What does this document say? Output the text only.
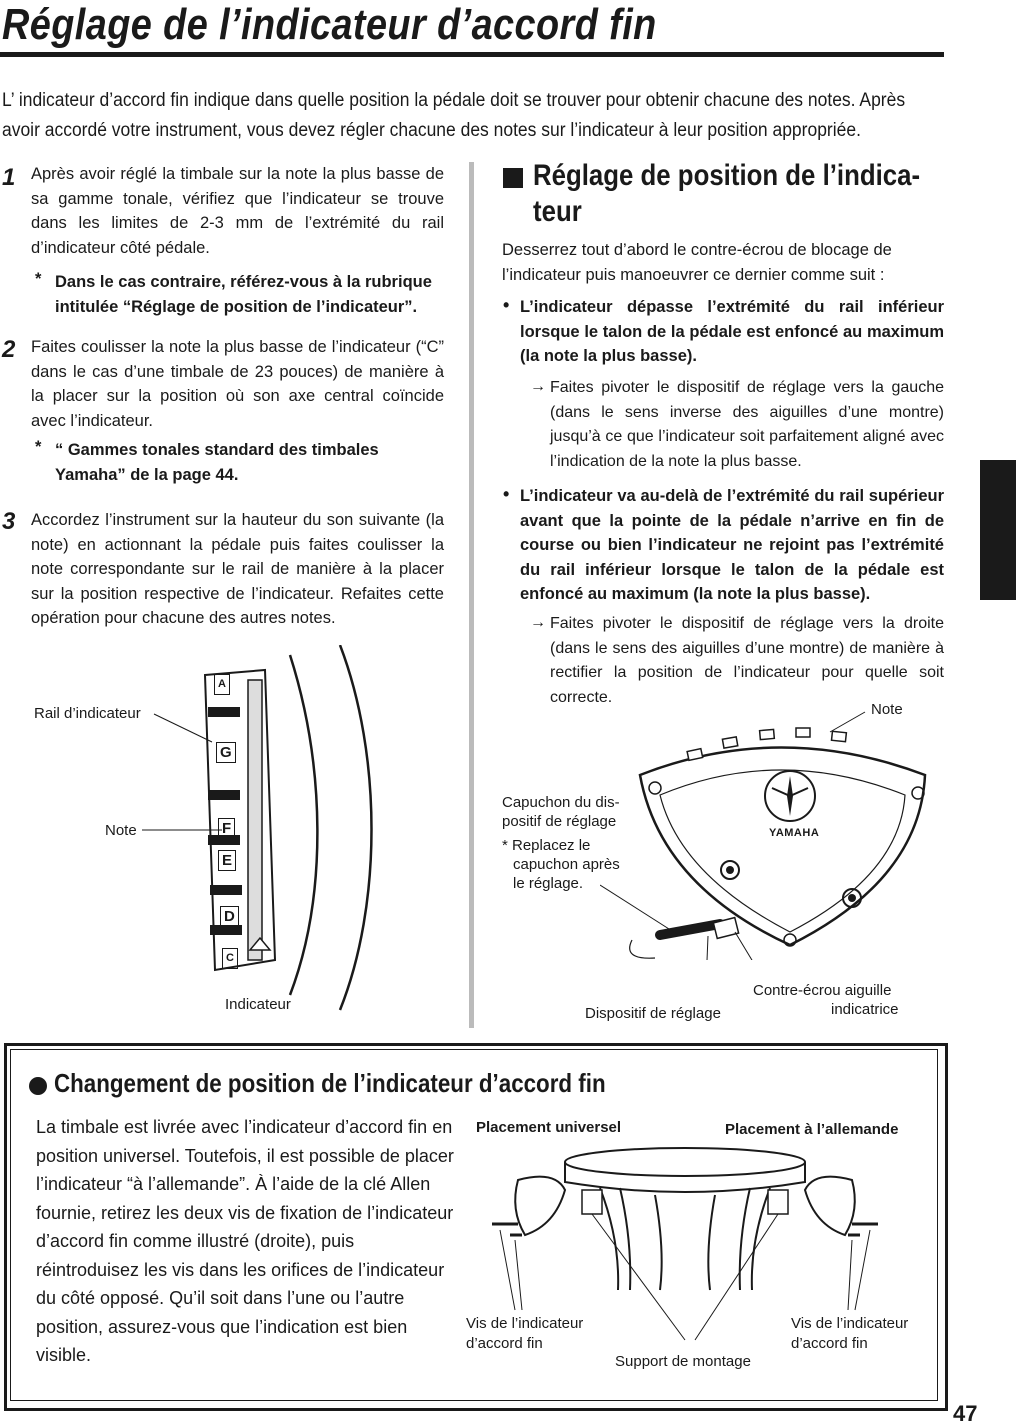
Réglage de l’indicateur d’accord fin
L’ indicateur d’accord fin indique dans quelle position la pédale doit se trouver pour obtenir chacune des notes. Après avoir accordé votre instrument, vous devez régler chacune des notes sur l’indicateur à leur position appropriée.
1 Après avoir réglé la timbale sur la note la plus basse de sa gamme tonale, vérifiez que l’indicateur se trouve dans les limites de 2-3 mm de l’extrémité du rail d’indicateur côté pédale.
* Dans le cas contraire, référez-vous à la rubrique intitulée “Réglage de position de l’indicateur”.
2 Faites coulisser la note la plus basse de l’indicateur (“C” dans le cas d’une timbale de 23 pouces) de manière à la placer sur la position où son axe central coïncide avec l’indicateur.
* “ Gammes tonales standard des timbales Yamaha” de la page 44.
3 Accordez l’instrument sur la hauteur du son suivante (la note) en actionnant la pédale puis faites coulisser la note correspondante sur le rail de manière à la placer sur la position respective de l’indicateur. Refaites cette opération pour chacune des autres notes.
A
G
F
E
D
C
Rail d’indicateur
Note
Indicateur
Réglage de position de l’indica-
teur
Desserrez tout d’abord le contre-écrou de blocage de l’indicateur puis manoeuvrer ce dernier comme suit :
• L’indicateur dépasse l’extrémité du rail inférieur lorsque le talon de la pédale est enfoncé au maximum (la note la plus basse).
→ Faites pivoter le dispositif de réglage vers la gauche (dans le sens inverse des aiguilles d’une montre) jusqu’à ce que l’indicateur soit parfaitement aligné avec l’indication de la note la plus basse.
• L’indicateur va au-delà de l’extrémité du rail supérieur avant que la pointe de la pédale n’arrive en fin de course ou bien l’indicateur ne rejoint pas l’extrémité du rail inférieur lorsque le talon de la pédale est enfoncé au maximum (la note la plus basse).
→ Faites pivoter le dispositif de réglage vers la droite (dans le sens des aiguilles d’une montre) de manière à rectifier la position de l’indicateur pour quelle soit correcte.
YAMAHA
Note
Capuchon du dis-
positif de réglage
* Replacez le
capuchon après
le réglage.
Dispositif de réglage
Contre-écrou aiguille
indicatrice
Changement de position de l’indicateur d’accord fin
La timbale est livrée avec l’indicateur d’accord fin en position universel. Toutefois, il est possible de placer l’indicateur “à l’allemande”. À l’aide de la clé Allen fournie, retirez les deux vis de fixation de l’indicateur d’accord fin comme illustré (droite), puis réintroduisez les vis dans les orifices de l’indicateur du côté opposé. Qu’il soit dans l’une ou l’autre position, assurez-vous que l’indication est bien visible.
Placement universel	Placement à l’allemande
Vis de l’indicateur
d’accord fin
Vis de l’indicateur
d’accord fin
Support de montage
47
